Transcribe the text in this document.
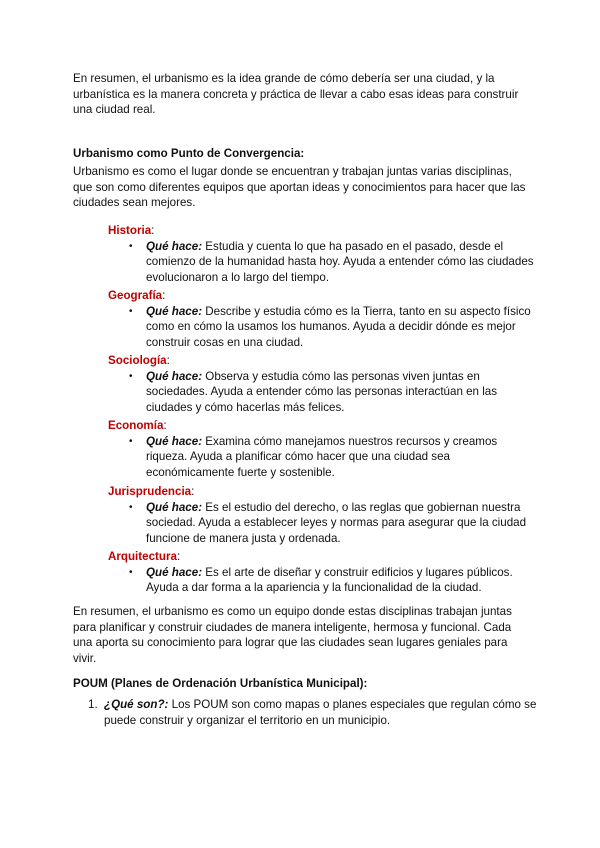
En resumen, el urbanismo es la idea grande de cómo debería ser una ciudad, y la urbanística es la manera concreta y práctica de llevar a cabo esas ideas para construir una ciudad real.

Urbanismo como Punto de Convergencia:

Urbanismo es como el lugar donde se encuentran y trabajan juntas varias disciplinas, que son como diferentes equipos que aportan ideas y conocimientos para hacer que las ciudades sean mejores.

Historia:
• Qué hace: Estudia y cuenta lo que ha pasado en el pasado, desde el comienzo de la humanidad hasta hoy. Ayuda a entender cómo las ciudades evolucionaron a lo largo del tiempo.
Geografía:
• Qué hace: Describe y estudia cómo es la Tierra, tanto en su aspecto físico como en cómo la usamos los humanos. Ayuda a decidir dónde es mejor construir cosas en una ciudad.
Sociología:
• Qué hace: Observa y estudia cómo las personas viven juntas en sociedades. Ayuda a entender cómo las personas interactúan en las ciudades y cómo hacerlas más felices.
Economía:
• Qué hace: Examina cómo manejamos nuestros recursos y creamos riqueza. Ayuda a planificar cómo hacer que una ciudad sea económicamente fuerte y sostenible.
Jurisprudencia:
• Qué hace: Es el estudio del derecho, o las reglas que gobiernan nuestra sociedad. Ayuda a establecer leyes y normas para asegurar que la ciudad funcione de manera justa y ordenada.
Arquitectura:
• Qué hace: Es el arte de diseñar y construir edificios y lugares públicos. Ayuda a dar forma a la apariencia y la funcionalidad de la ciudad.

En resumen, el urbanismo es como un equipo donde estas disciplinas trabajan juntas para planificar y construir ciudades de manera inteligente, hermosa y funcional. Cada una aporta su conocimiento para lograr que las ciudades sean lugares geniales para vivir.

POUM (Planes de Ordenación Urbanística Municipal):

1. ¿Qué son?: Los POUM son como mapas o planes especiales que regulan cómo se puede construir y organizar el territorio en un municipio.
